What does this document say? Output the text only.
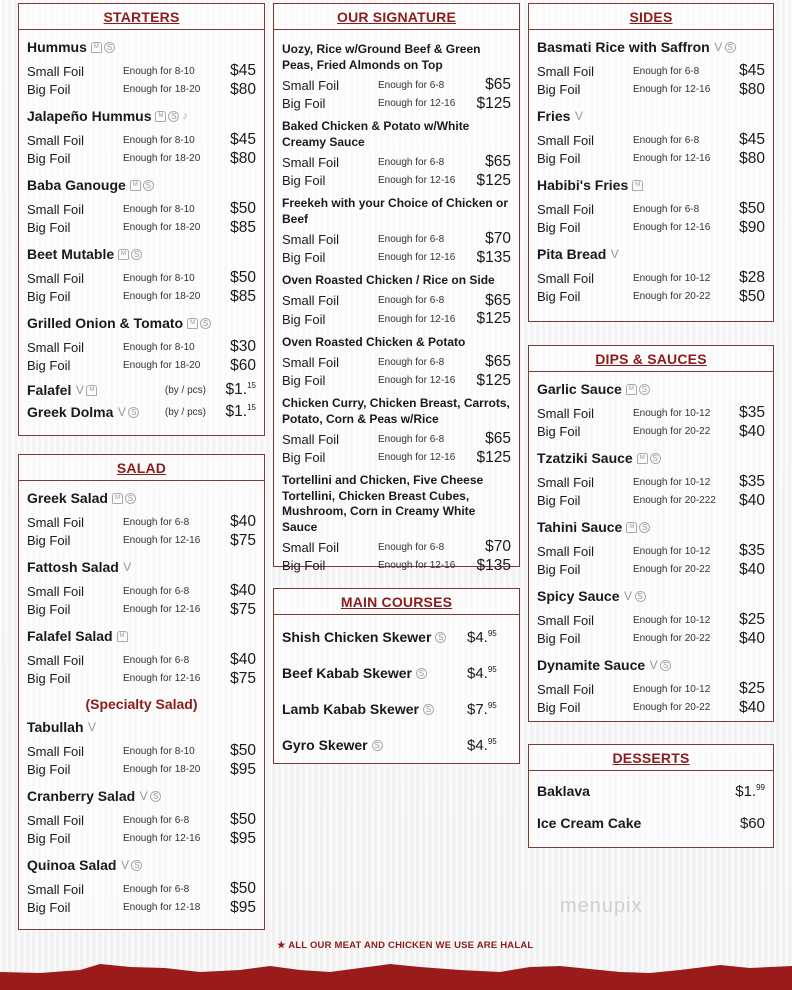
STARTERS
Hummus	M S
Small Foil	Enough for 8-10	$45
Big Foil	Enough for 18-20	$80
Jalapeño Hummus	M S ♪
Small Foil	Enough for 8-10	$45
Big Foil	Enough for 18-20	$80
Baba Ganouge	M S
Small Foil	Enough for 8-10	$50
Big Foil	Enough for 18-20	$85
Beet Mutable	M S
Small Foil	Enough for 8-10	$50
Big Foil	Enough for 18-20	$85
Grilled Onion & Tomato	M S
Small Foil	Enough for 8-10	$30
Big Foil	Enough for 18-20	$60
Falafel V M	(by / pcs)	$1.15
Greek Dolma V S	(by / pcs)	$1.15
SALAD
Greek Salad	M S
Small Foil	Enough for 6-8	$40
Big Foil	Enough for 12-16	$75
Fattosh Salad V
Small Foil	Enough for 6-8	$40
Big Foil	Enough for 12-16	$75
Falafel Salad	M
Small Foil	Enough for 6-8	$40
Big Foil	Enough for 12-16	$75
(Specialty Salad)
Tabullah V
Small Foil	Enough for 8-10	$50
Big Foil	Enough for 18-20	$95
Cranberry Salad V S
Small Foil	Enough for 6-8	$50
Big Foil	Enough for 12-16	$95
Quinoa Salad V S
Small Foil	Enough for 6-8	$50
Big Foil	Enough for 12-18	$95
OUR SIGNATURE
Uozy, Rice w/Ground Beef & Green Peas, Fried Almonds on Top
Small Foil	Enough for 6-8	$65
Big Foil	Enough for 12-16	$125
Baked Chicken & Potato w/White Creamy Sauce
Small Foil	Enough for 6-8	$65
Big Foil	Enough for 12-16	$125
Freekeh with your Choice of Chicken or Beef
Small Foil	Enough for 6-8	$70
Big Foil	Enough for 12-16	$135
Oven Roasted Chicken / Rice on Side
Small Foil	Enough for 6-8	$65
Big Foil	Enough for 12-16	$125
Oven Roasted Chicken & Potato
Small Foil	Enough for 6-8	$65
Big Foil	Enough for 12-16	$125
Chicken Curry, Chicken Breast, Carrots, Potato, Corn & Peas w/Rice
Small Foil	Enough for 6-8	$65
Big Foil	Enough for 12-16	$125
Tortellini and Chicken, Five Cheese Tortellini, Chicken Breast Cubes, Mushroom, Corn in Creamy White Sauce
Small Foil	Enough for 6-8	$70
Big Foil	Enough for 12-16	$135
MAIN COURSES
Shish Chicken Skewer S $4.95
Beef Kabab Skewer S	$4.95
Lamb Kabab Skewer S $7.95
Gyro Skewer S	$4.95
SIDES
Basmati Rice with Saffron V S
Small Foil	Enough for 6-8	$45
Big Foil	Enough for 12-16	$80
Fries V
Small Foil	Enough for 6-8	$45
Big Foil	Enough for 12-16	$80
Habibi's Fries	M
Small Foil	Enough for 6-8	$50
Big Foil	Enough for 12-16	$90
Pita Bread V
Small Foil	Enough for 10-12	$28
Big Foil	Enough for 20-22	$50
DIPS & SAUCES
Garlic Sauce	M S
Small Foil	Enough for 10-12	$35
Big Foil	Enough for 20-22	$40
Tzatziki Sauce	M S
Small Foil	Enough for 10-12	$35
Big Foil	Enough for 20-222	$40
Tahini Sauce	M S
Small Foil	Enough for 10-12	$35
Big Foil	Enough for 20-22	$40
Spicy Sauce V S
Small Foil	Enough for 10-12	$25
Big Foil	Enough for 20-22	$40
Dynamite Sauce V S
Small Foil	Enough for 10-12	$25
Big Foil	Enough for 20-22	$40
DESSERTS
Baklava	$1.99
Ice Cream Cake	$60
★ ALL OUR MEAT AND CHICKEN WE USE ARE HALAL
menupix
